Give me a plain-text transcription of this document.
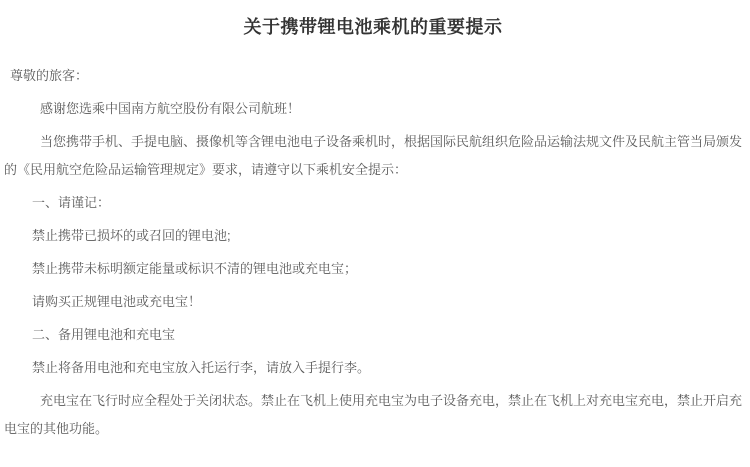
关于携带锂电池乘机的重要提示

尊敬的旅客：

感谢您选乘中国南方航空股份有限公司航班！

当您携带手机、手提电脑、摄像机等含锂电池电子设备乘机时，根据国际民航组织危险品运输法规文件及民航主管当局颁发的《民用航空危险品运输管理规定》要求，请遵守以下乘机安全提示：

一、请谨记：

禁止携带已损坏的或召回的锂电池;

禁止携带未标明额定能量或标识不清的锂电池或充电宝；

请购买正规锂电池或充电宝！

二、备用锂电池和充电宝

禁止将备用电池和充电宝放入托运行李，请放入手提行李。

充电宝在飞行时应全程处于关闭状态。禁止在飞机上使用充电宝为电子设备充电，禁止在飞机上对充电宝充电，禁止开启充电宝的其他功能。
